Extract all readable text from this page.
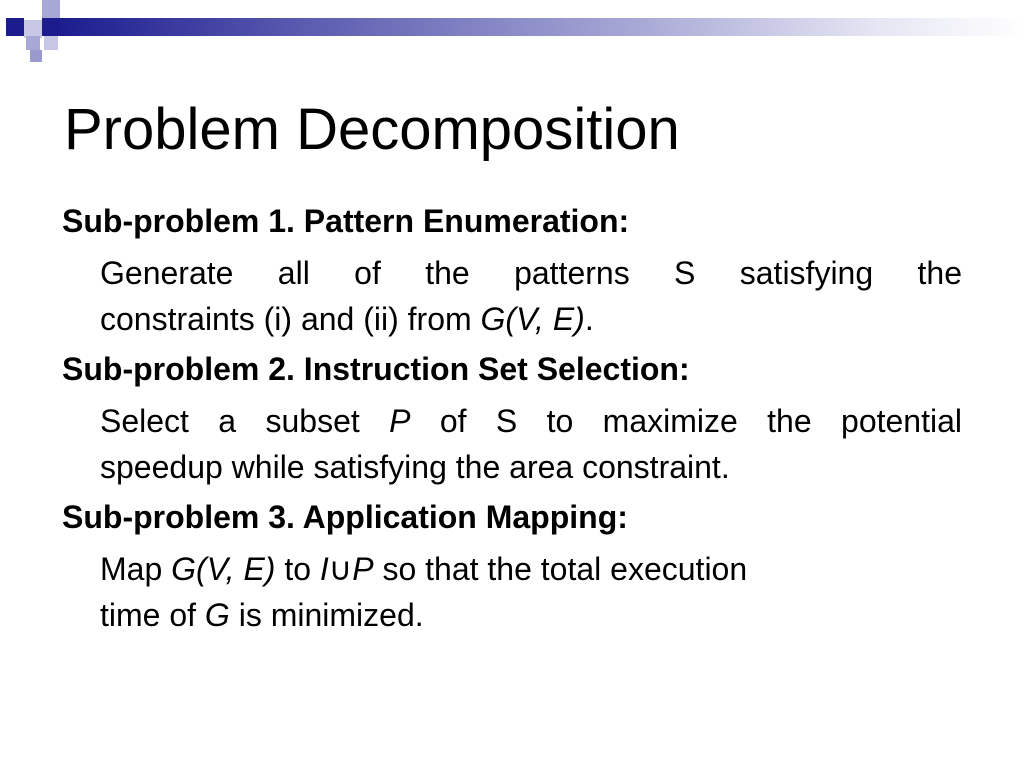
Problem Decomposition

Sub-problem 1. Pattern Enumeration:

Generate all of the patterns S satisfying the
constraints (i) and (ii) from G(V, E).

Sub-problem 2. Instruction Set Selection:

Select a subset P of S to maximize the potential
speedup while satisfying the area constraint.

Sub-problem 3. Application Mapping:

Map G(V, E) to I∪P so that the total execution
time of G is minimized.
